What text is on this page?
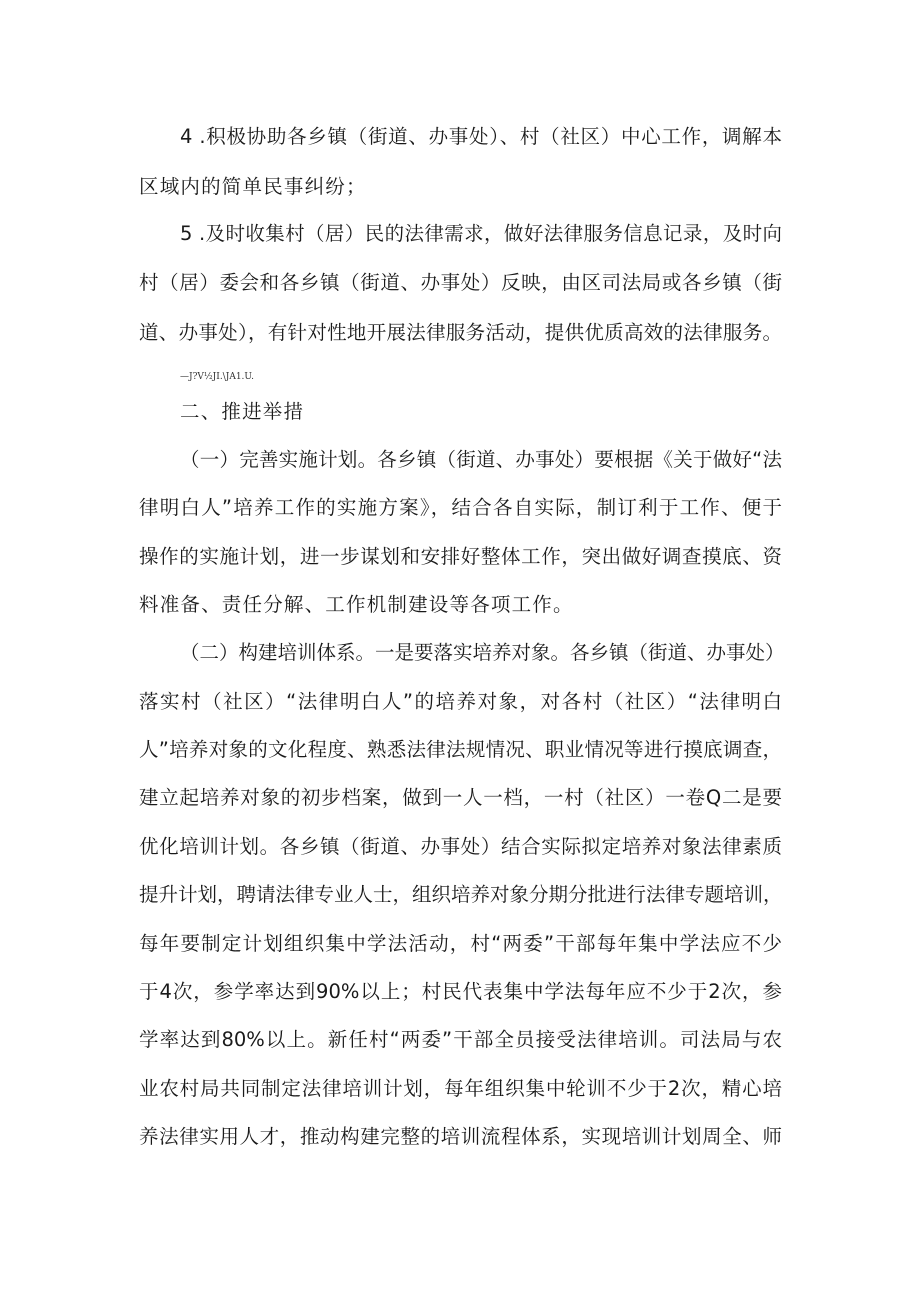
4 .积极协助各乡镇（街道、办事处）、村（社区）中心工作，调解本
区域内的简单民事纠纷；
5 .及时收集村（居）民的法律需求，做好法律服务信息记录，及时向
村（居）委会和各乡镇（街道、办事处）反映，由区司法局或各乡镇（街
道、办事处），有针对性地开展法律服务活动，提供优质高效的法律服务。
—J?V½JI.\JA1.U.
二、推进举措
（一）完善实施计划。各乡镇（街道、办事处）要根据《关于做好“法
律明白人”培养工作的实施方案》，结合各自实际，制订利于工作、便于
操作的实施计划，进一步谋划和安排好整体工作，突出做好调查摸底、资
料准备、责任分解、工作机制建设等各项工作。
（二）构建培训体系。一是要落实培养对象。各乡镇（街道、办事处）
落实村（社区）“法律明白人”的培养对象，对各村（社区）“法律明白
人”培养对象的文化程度、熟悉法律法规情况、职业情况等进行摸底调查，
建立起培养对象的初步档案，做到一人一档，一村（社区）一卷Q二是要
优化培训计划。各乡镇（街道、办事处）结合实际拟定培养对象法律素质
提升计划，聘请法律专业人士，组织培养对象分期分批进行法律专题培训，
每年要制定计划组织集中学法活动，村“两委”干部每年集中学法应不少
于4次，参学率达到90%以上；村民代表集中学法每年应不少于2次，参
学率达到80%以上。新任村“两委”干部全员接受法律培训。司法局与农
业农村局共同制定法律培训计划，每年组织集中轮训不少于2次，精心培
养法律实用人才，推动构建完整的培训流程体系，实现培训计划周全、师
